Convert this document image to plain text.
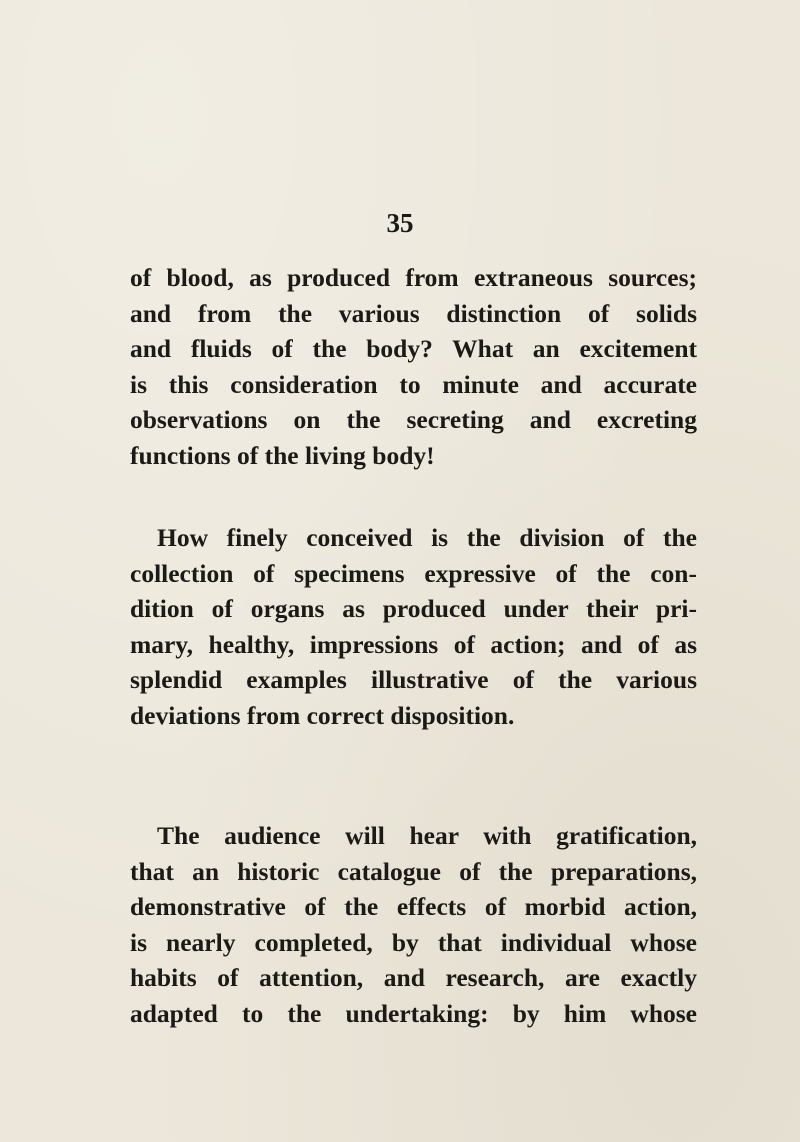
35

of blood, as produced from extraneous sources;
and from the various distinction of solids
and fluids of the body? What an excitement
is this consideration to minute and accurate
observations on the secreting and excreting
functions of the living body!

How finely conceived is the division of the
collection of specimens expressive of the con-
dition of organs as produced under their pri-
mary, healthy, impressions of action; and of as
splendid examples illustrative of the various
deviations from correct disposition.

The audience will hear with gratification,
that an historic catalogue of the preparations,
demonstrative of the effects of morbid action,
is nearly completed, by that individual whose
habits of attention, and research, are exactly
adapted to the undertaking: by him whose
